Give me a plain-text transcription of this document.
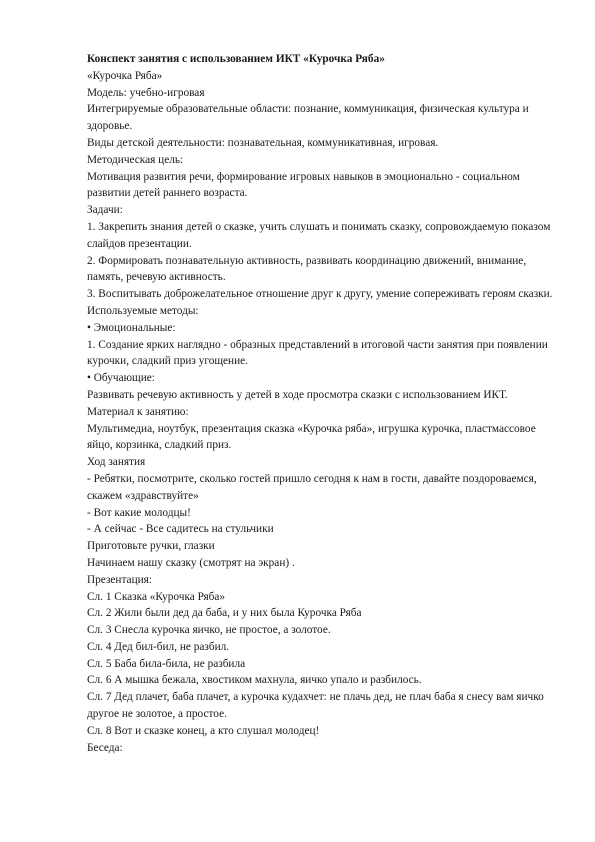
Конспект занятия с использованием ИКТ «Курочка Ряба»

«Курочка Ряба»

Модель: учебно-игровая

Интегрируемые образовательные области: познание, коммуникация, физическая культура и здоровье.

Виды детской деятельности: познавательная, коммуникативная, игровая.

Методическая цель:

Мотивация развития речи, формирование игровых навыков в эмоционально - социальном развитии детей раннего возраста.

Задачи:

1. Закрепить знания детей о сказке, учить слушать и понимать сказку, сопровождаемую показом слайдов презентации.

2. Формировать познавательную активность, развивать координацию движений, внимание, память, речевую активность.

3. Воспитывать доброжелательное отношение друг к другу, умение сопереживать героям сказки.

Используемые методы:

• Эмоциональные:

1. Создание ярких наглядно - образных представлений в итоговой части занятия при появлении курочки, сладкий приз угощение.

• Обучающие:

Развивать речевую активность у детей в ходе просмотра сказки с использованием ИКТ.

Материал к занятию:

Мультимедиа, ноутбук, презентация сказка «Курочка ряба», игрушка курочка, пластмассовое яйцо, корзинка, сладкий приз.

Ход занятия

- Ребятки, посмотрите, сколько гостей пришло сегодня к нам в гости, давайте поздороваемся, скажем «здравствуйте»

- Вот какие молодцы!

- А сейчас - Все садитесь на стульчики

Приготовьте ручки, глазки

Начинаем нашу сказку (смотрят на экран) .

Презентация:

Сл. 1 Сказка «Курочка Ряба»

Сл. 2 Жили были дед да баба, и у них была Курочка Ряба

Сл. 3 Снесла курочка яичко, не простое, а золотое.

Сл. 4 Дед бил-бил, не разбил.

Сл. 5 Баба била-била, не разбила

Сл. 6 А мышка бежала, хвостиком махнула, яичко упало и разбилось.

Сл. 7 Дед плачет, баба плачет, а курочка кудахчет: не плачь дед, не плач баба я снесу вам яичко другое не золотое, а простое.

Сл. 8 Вот и сказке конец, а кто слушал молодец!

Беседа:
